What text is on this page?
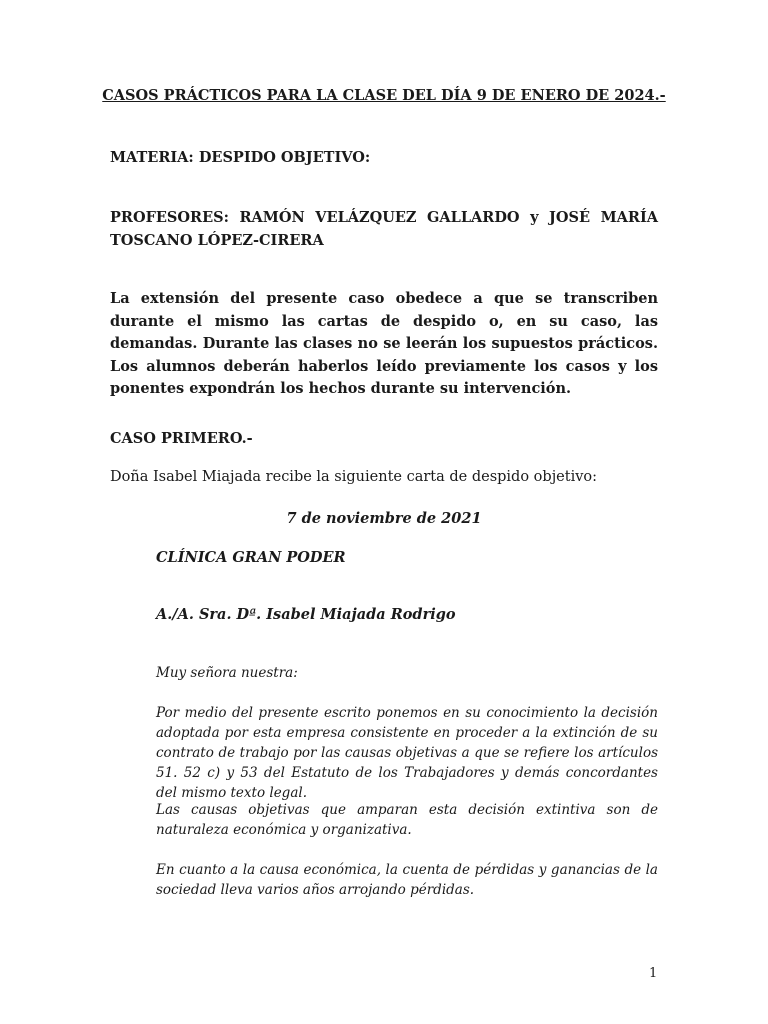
CASOS PRÁCTICOS PARA LA CLASE DEL DÍA 9 DE ENERO DE 2024.-
MATERIA: DESPIDO OBJETIVO:
PROFESORES: RAMÓN VELÁZQUEZ GALLARDO y JOSÉ MARÍA TOSCANO LÓPEZ-CIRERA
La extensión del presente caso obedece a que se transcriben durante el mismo las cartas de despido o, en su caso, las demandas. Durante las clases no se leerán los supuestos prácticos. Los alumnos deberán haberlos leído previamente los casos y los ponentes expondrán los hechos durante su intervención.
CASO PRIMERO.-
Doña Isabel Miajada recibe la siguiente carta de despido objetivo:
7 de noviembre de 2021
CLÍNICA GRAN PODER
A./A. Sra. Dª. Isabel Miajada Rodrigo
Muy señora nuestra:
Por medio del presente escrito ponemos en su conocimiento la decisión adoptada por esta empresa consistente en proceder a la extinción de su contrato de trabajo por las causas objetivas a que se refiere los artículos 51. 52 c) y 53 del Estatuto de los Trabajadores y demás concordantes del mismo texto legal.
Las causas objetivas que amparan esta decisión extintiva son de naturaleza económica y organizativa.
En cuanto a la causa económica, la cuenta de pérdidas y ganancias de la sociedad lleva varios años arrojando pérdidas.
1
